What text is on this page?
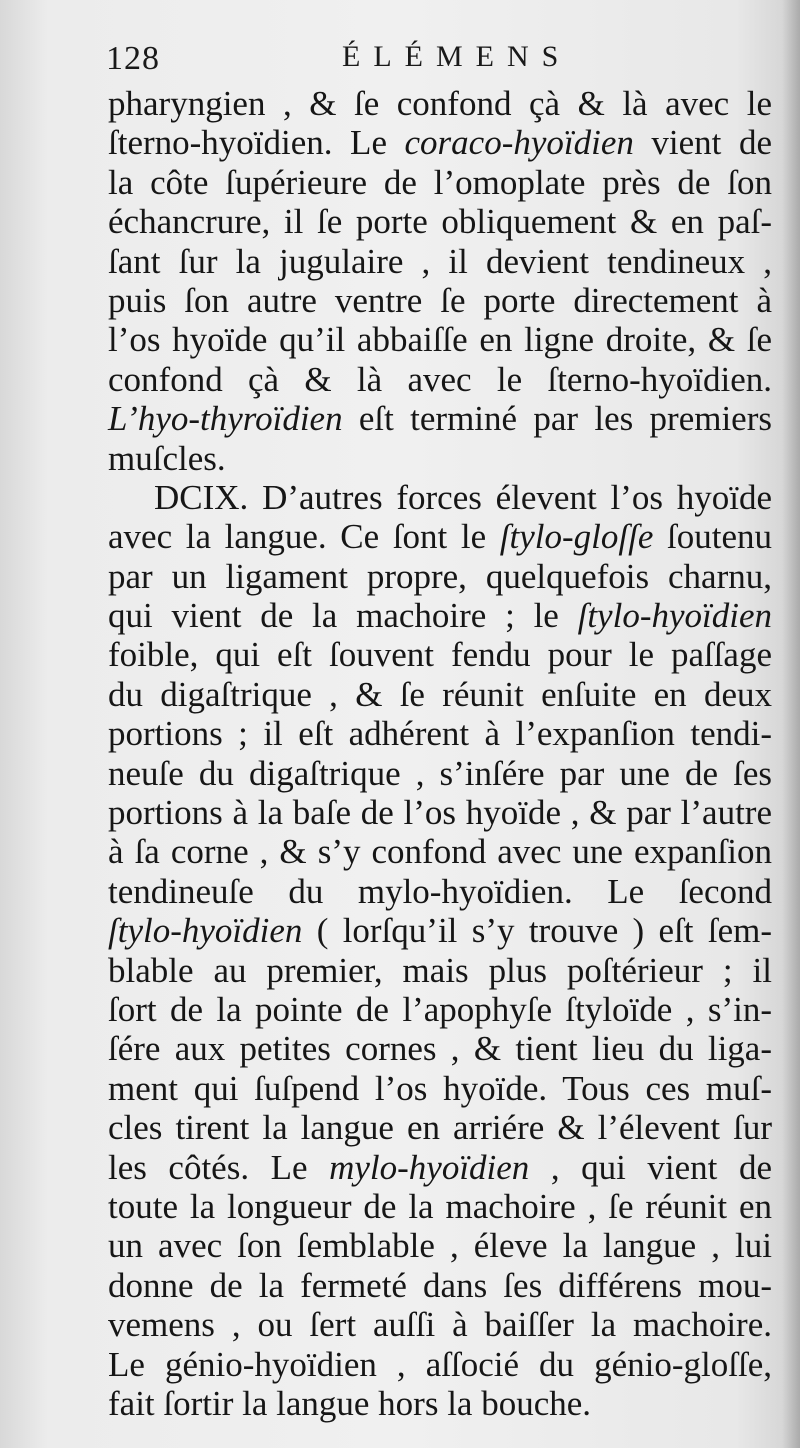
128	ÉLÉMENS
pharyngien , & ſe confond çà & là avec le
ſterno-hyoïdien. Le coraco-hyoïdien vient de
la côte ſupérieure de l’omoplate près de ſon
échancrure, il ſe porte obliquement & en paſ-
ſant ſur la jugulaire , il devient tendineux ,
puis ſon autre ventre ſe porte directement à
l’os hyoïde qu’il abbaiſſe en ligne droite, & ſe
confond çà & là avec le ſterno-hyoïdien.
L’hyo-thyroïdien eſt terminé par les premiers
muſcles.
DCIX. D’autres forces élevent l’os hyoïde
avec la langue. Ce ſont le ſtylo-gloſſe ſoutenu
par un ligament propre, quelquefois charnu,
qui vient de la machoire ; le ſtylo-hyoïdien
foible, qui eſt ſouvent fendu pour le paſſage
du digaſtrique , & ſe réunit enſuite en deux
portions ; il eſt adhérent à l’expanſion tendi-
neuſe du digaſtrique , s’inſére par une de ſes
portions à la baſe de l’os hyoïde , & par l’autre
à ſa corne , & s’y confond avec une expanſion
tendineuſe du mylo-hyoïdien. Le ſecond
ſtylo-hyoïdien ( lorſqu’il s’y trouve ) eſt ſem-
blable au premier, mais plus poſtérieur ; il
ſort de la pointe de l’apophyſe ſtyloïde , s’in-
ſére aux petites cornes , & tient lieu du liga-
ment qui ſuſpend l’os hyoïde. Tous ces muſ-
cles tirent la langue en arriére & l’élevent ſur
les côtés. Le mylo-hyoïdien , qui vient de
toute la longueur de la machoire , ſe réunit en
un avec ſon ſemblable , éleve la langue , lui
donne de la fermeté dans ſes différens mou-
vemens , ou ſert auſſi à baiſſer la machoire.
Le génio-hyoïdien , aſſocié du génio-gloſſe,
fait ſortir la langue hors la bouche.
